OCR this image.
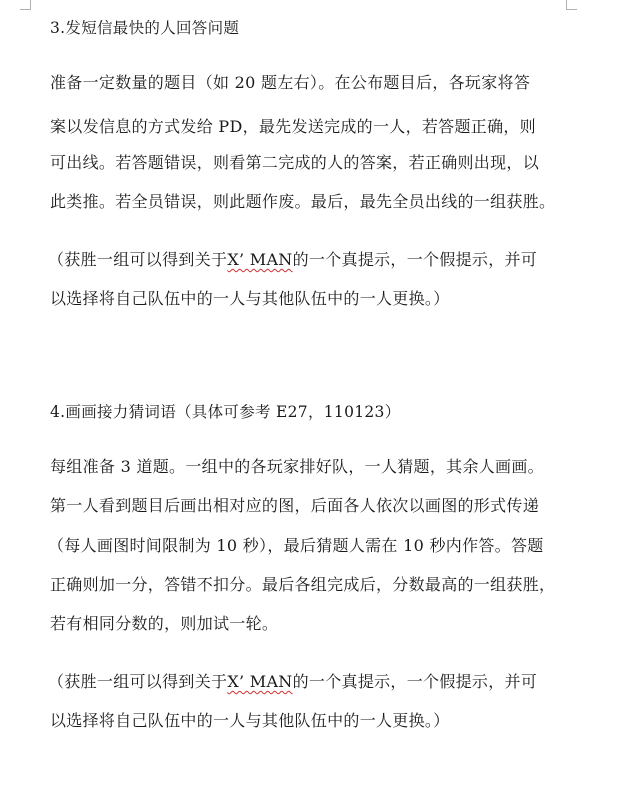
3.发短信最快的人回答问题
准备一定数量的题目（如 20 题左右）。在公布题目后，各玩家将答
案以发信息的方式发给 PD，最先发送完成的一人，若答题正确，则
可出线。若答题错误，则看第二完成的人的答案，若正确则出现，以
此类推。若全员错误，则此题作废。最后，最先全员出线的一组获胜。
（获胜一组可以得到关于X’ MAN的一个真提示，一个假提示，并可
以选择将自己队伍中的一人与其他队伍中的一人更换。）
4.画画接力猜词语（具体可参考 E27，110123）
每组准备 3 道题。一组中的各玩家排好队，一人猜题，其余人画画。
第一人看到题目后画出相对应的图，后面各人依次以画图的形式传递
（每人画图时间限制为 10 秒），最后猜题人需在 10 秒内作答。答题
正确则加一分，答错不扣分。最后各组完成后，分数最高的一组获胜，
若有相同分数的，则加试一轮。
（获胜一组可以得到关于X’ MAN的一个真提示，一个假提示，并可
以选择将自己队伍中的一人与其他队伍中的一人更换。）
